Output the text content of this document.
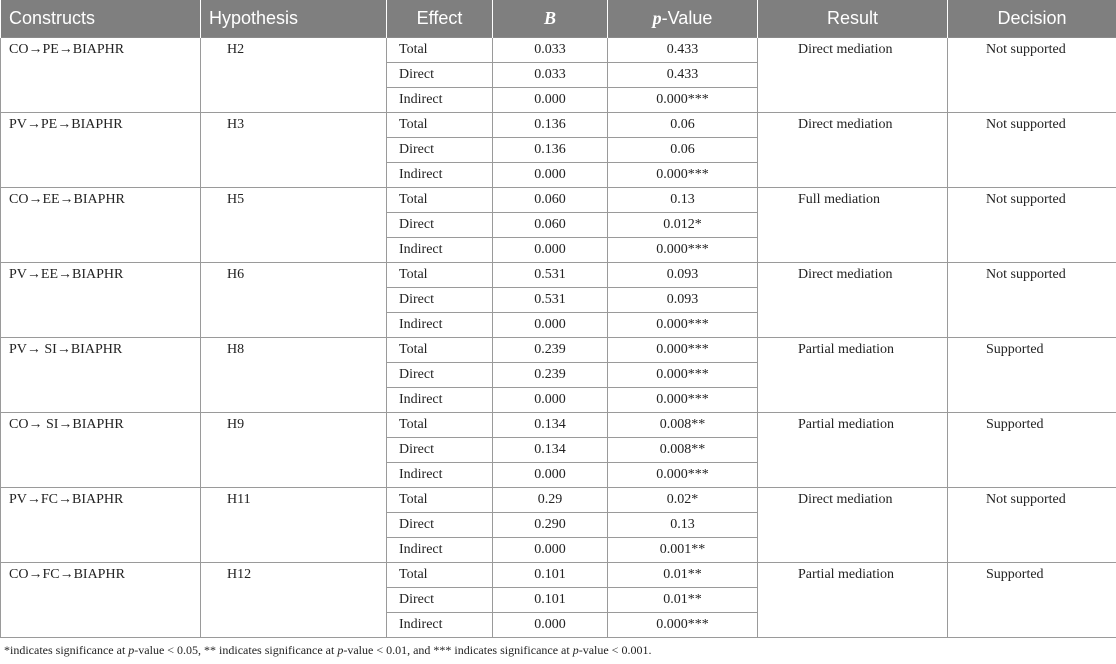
Constructs	Hypothesis	Effect	B	p-Value	Result	Decision
CO→PE→BIAPHR	H2	Total	0.033	0.433	Direct mediation	Not supported
		Direct	0.033	0.433		
		Indirect	0.000	0.000***		
PV→PE→BIAPHR	H3	Total	0.136	0.06	Direct mediation	Not supported
		Direct	0.136	0.06		
		Indirect	0.000	0.000***		
CO→EE→BIAPHR	H5	Total	0.060	0.13	Full mediation	Not supported
		Direct	0.060	0.012*		
		Indirect	0.000	0.000***		
PV→EE→BIAPHR	H6	Total	0.531	0.093	Direct mediation	Not supported
		Direct	0.531	0.093		
		Indirect	0.000	0.000***		
PV→ SI→BIAPHR	H8	Total	0.239	0.000***	Partial mediation	Supported
		Direct	0.239	0.000***		
		Indirect	0.000	0.000***		
CO→ SI→BIAPHR	H9	Total	0.134	0.008**	Partial mediation	Supported
		Direct	0.134	0.008**		
		Indirect	0.000	0.000***		
PV→FC→BIAPHR	H11	Total	0.29	0.02*	Direct mediation	Not supported
		Direct	0.290	0.13		
		Indirect	0.000	0.001**		
CO→FC→BIAPHR	H12	Total	0.101	0.01**	Partial mediation	Supported
		Direct	0.101	0.01**		
		Indirect	0.000	0.000***		
*indicates significance at p-value < 0.05, ** indicates significance at p-value < 0.01, and *** indicates significance at p-value < 0.001.
